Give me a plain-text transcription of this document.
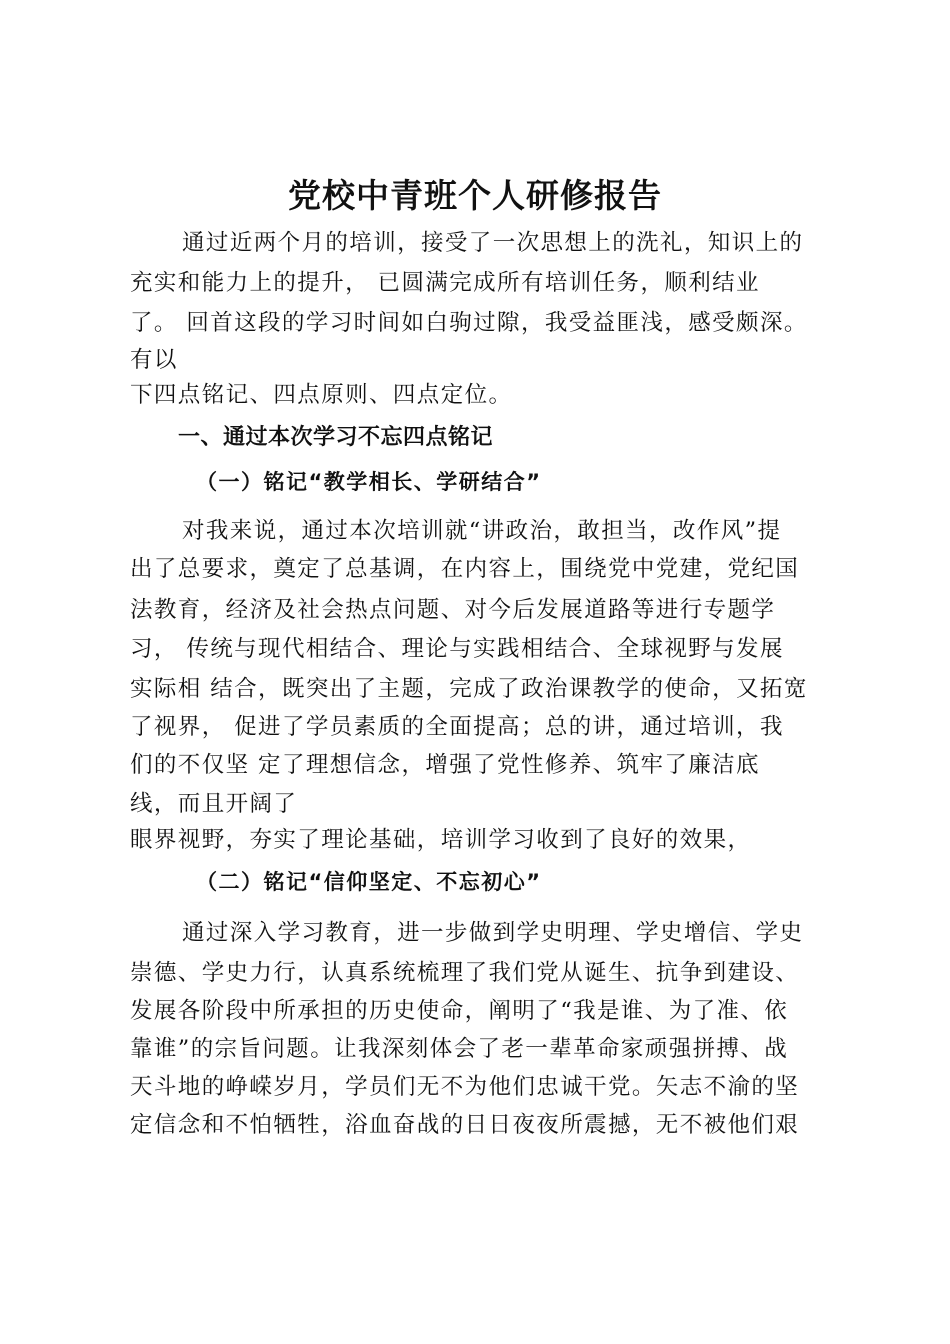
党校中青班个人研修报告

通过近两个月的培训，接受了一次思想上的洗礼，知识上的

充实和能力上的提升， 已圆满完成所有培训任务，顺利结业

了。 回首这段的学习时间如白驹过隙，我受益匪浅，感受颇深。

有以

下四点铭记、四点原则、四点定位。

一、通过本次学习不忘四点铭记
（一）铭记“教学相长、学研结合”

对我来说，通过本次培训就“讲政治，敢担当，改作风”提

出了总要求，奠定了总基调，在内容上，围绕党中党建，党纪国

法教育，经济及社会热点问题、对今后发展道路等进行专题学

习， 传统与现代相结合、理论与实践相结合、全球视野与发展

实际相 结合，既突出了主题，完成了政治课教学的使命，又拓宽

了视界， 促进了学员素质的全面提高；总的讲，通过培训，我

们的不仅坚 定了理想信念，增强了党性修养、筑牢了廉洁底

线，而且开阔了

眼界视野，夯实了理论基础，培训学习收到了良好的效果，

（二）铭记“信仰坚定、不忘初心”

通过深入学习教育，进一步做到学史明理、学史增信、学史

崇德、学史力行，认真系统梳理了我们党从诞生、抗争到建设、

发展各阶段中所承担的历史使命，阐明了“我是谁、为了准、依

靠谁”的宗旨问题。让我深刻体会了老一辈革命家顽强拼搏、战

天斗地的峥嵘岁月，学员们无不为他们忠诚干党。矢志不渝的坚

定信念和不怕牺牲，浴血奋战的日日夜夜所震撼，无不被他们艰
